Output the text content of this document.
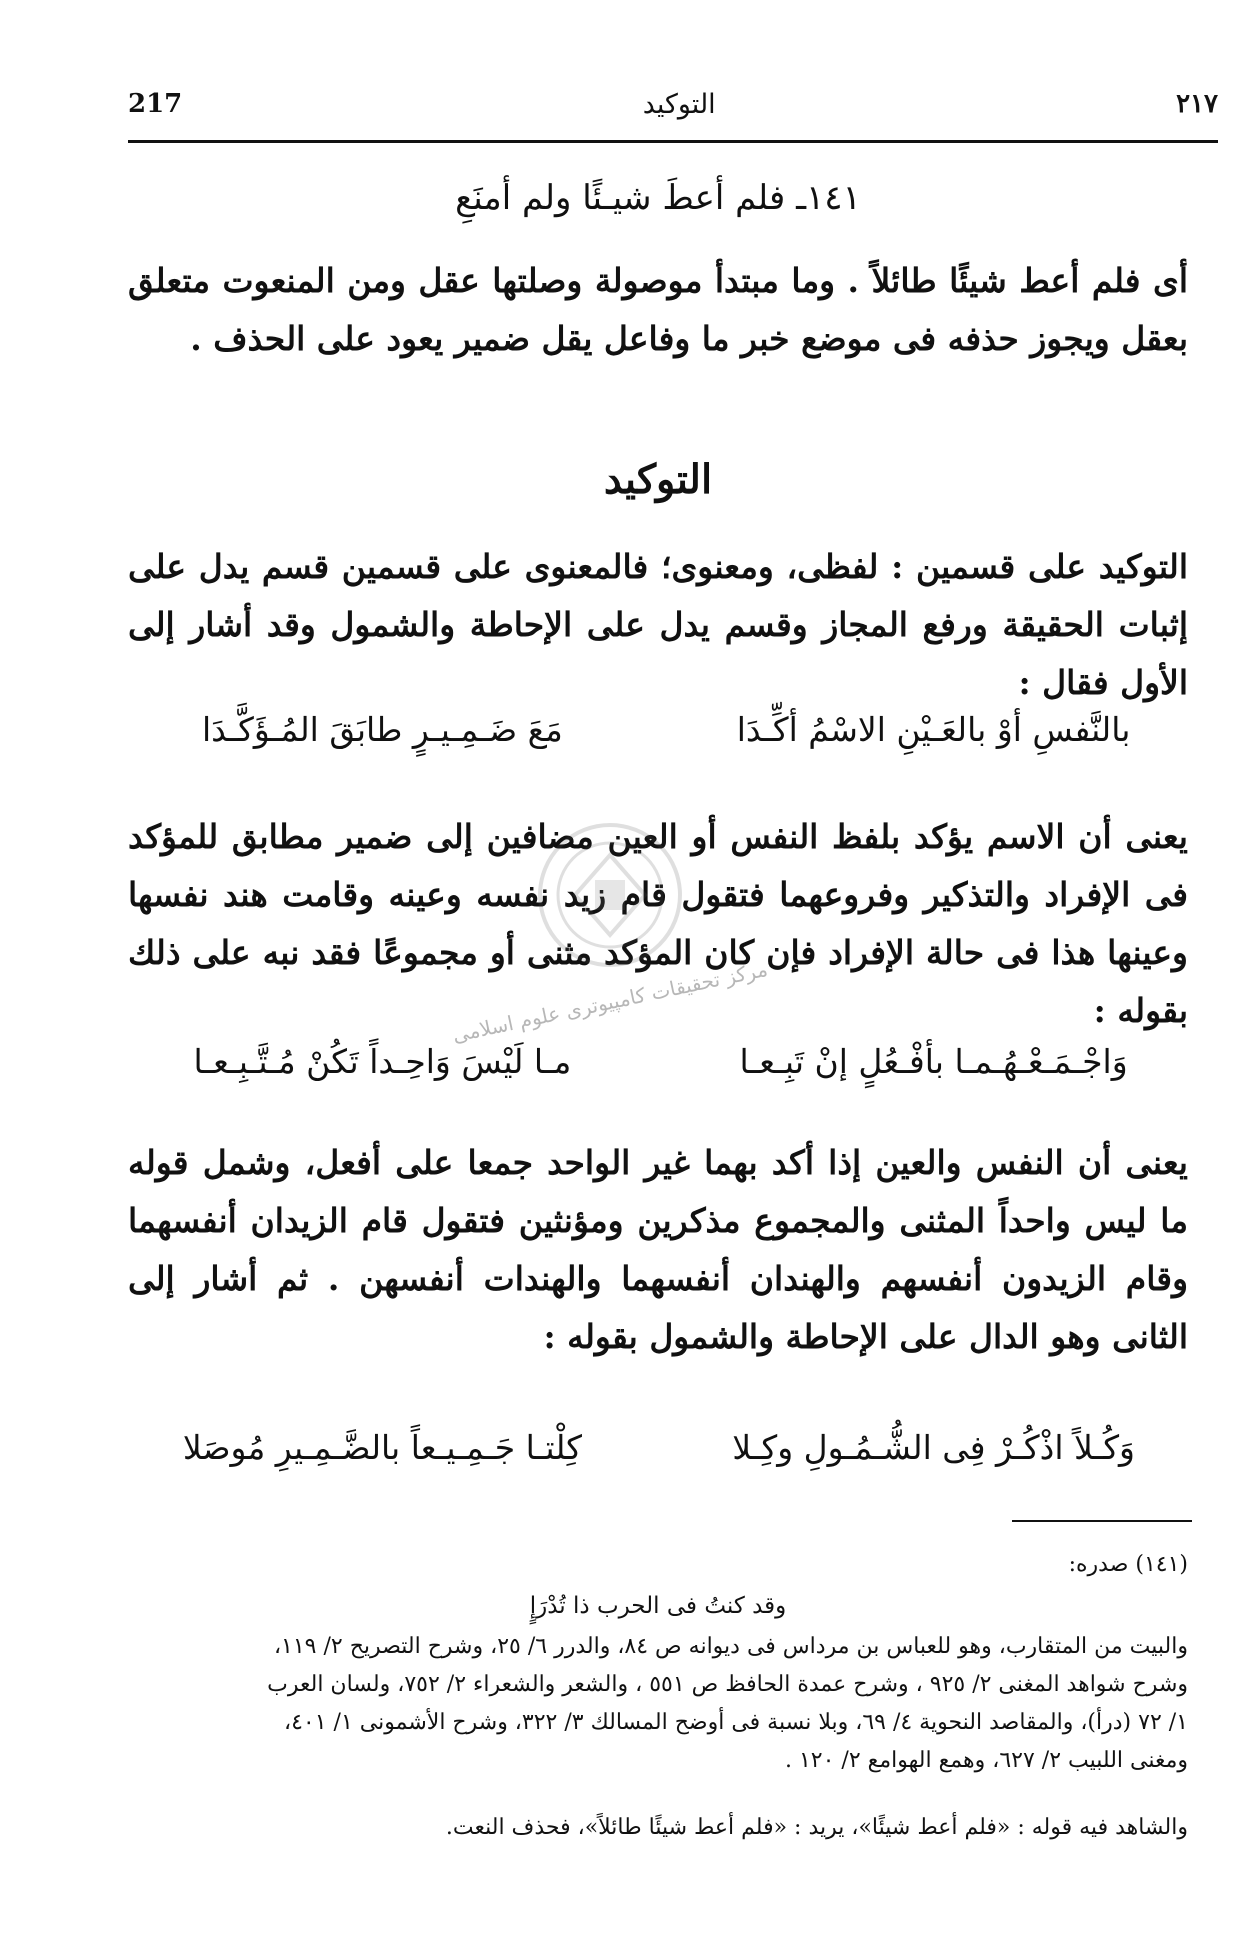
217	التوكيد	٢١٧
١٤١ـ فلم أعطَ شيـئًا ولم أمنَعِ

أى فلم أعط شيئًا طائلاً . وما مبتدأ موصولة وصلتها عقل ومن المنعوت متعلق بعقل ويجوز حذفه فى موضع خبر ما وفاعل يقل ضمير يعود على الحذف .

التوكيد

التوكيد على قسمين : لفظى، ومعنوى؛ فالمعنوى على قسمين قسم يدل على إثبات الحقيقة ورفع المجاز وقسم يدل على الإحاطة والشمول وقد أشار إلى الأول فقال :

بالنَّفسِ أوْ بالعَـيْنِ الاسْمُ أكِّـدَا
مَعَ ضَـمِـيـرٍ طابَقَ المُـؤَكَّـدَا

يعنى أن الاسم يؤكد بلفظ النفس أو العين مضافين إلى ضمير مطابق للمؤكد فى الإفراد والتذكير وفروعهما فتقول قام زيد نفسه وعينه وقامت هند نفسها وعينها هذا فى حالة الإفراد فإن كان المؤكد مثنى أو مجموعًا فقد نبه على ذلك بقوله :

مركز تحقيقات كامپيوترى علوم اسلامى
وَاجْـمَـعْـهُـمـا بأفْـعُلٍ إنْ تَبِـعـا
مـا لَيْسَ وَاحِـداً تَكُنْ مُـتَّـبِـعـا

يعنى أن النفس والعين إذا أكد بهما غير الواحد جمعا على أفعل، وشمل قوله ما ليس واحداً المثنى والمجموع مذكرين ومؤنثين فتقول قام الزيدان أنفسهما وقام الزيدون أنفسهم والهندان أنفسهما والهندات أنفسهن . ثم أشار إلى الثانى وهو الدال على الإحاطة والشمول بقوله :

وَكُـلاً اذْكُـرْ فِى الشُّـمُـولِ وكِـلا
كِلْتـا جَـمِـيـعاً بالضَّـمِـيرِ مُوصَلا
(١٤١) صدره:
وقد كنتُ فى الحرب ذا تُدْرَإٍ

والبيت من المتقارب، وهو للعباس بن مرداس فى ديوانه ص ٨٤، والدرر ٦/ ٢٥، وشرح التصريح ٢/ ١١٩،

وشرح شواهد المغنى ٢/ ٩٢٥ ، وشرح عمدة الحافظ ص ٥٥١ ، والشعر والشعراء ٢/ ٧٥٢، ولسان العرب

١/ ٧٢ (درأ)، والمقاصد النحوية ٤/ ٦٩، وبلا نسبة فى أوضح المسالك ٣/ ٣٢٢، وشرح الأشمونى ١/ ٤٠١،

ومغنى اللبيب ٢/ ٦٢٧، وهمع الهوامع ٢/ ١٢٠ .

والشاهد فيه قوله : «فلم أعط شيئًا»، يريد : «فلم أعط شيئًا طائلاً»، فحذف النعت.
